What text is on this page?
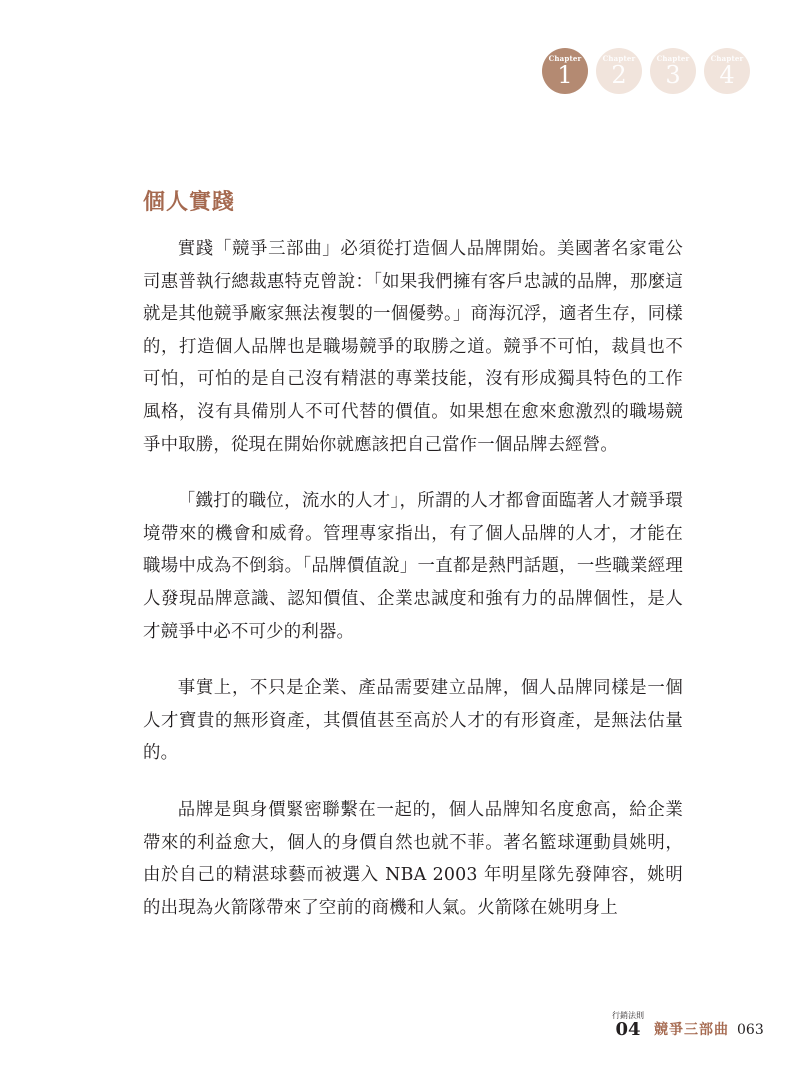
Chapter
1
Chapter
2
Chapter
3
Chapter
4
個人實踐

實踐「競爭三部曲」必須從打造個人品牌開始。美國著名家電公司惠普執行總裁惠特克曾說：「如果我們擁有客戶忠誠的品牌，那麼這就是其他競爭廠家無法複製的一個優勢。」商海沉浮，適者生存，同樣的，打造個人品牌也是職場競爭的取勝之道。競爭不可怕，裁員也不可怕，可怕的是自己沒有精湛的專業技能，沒有形成獨具特色的工作風格，沒有具備別人不可代替的價值。如果想在愈來愈激烈的職場競爭中取勝，從現在開始你就應該把自己當作一個品牌去經營。

「鐵打的職位，流水的人才」，所謂的人才都會面臨著人才競爭環境帶來的機會和威脅。管理專家指出，有了個人品牌的人才，才能在職場中成為不倒翁。「品牌價值說」一直都是熱門話題，一些職業經理人發現品牌意識、認知價值、企業忠誠度和強有力的品牌個性，是人才競爭中必不可少的利器。

事實上，不只是企業、產品需要建立品牌，個人品牌同樣是一個人才寶貴的無形資產，其價值甚至高於人才的有形資產，是無法估量的。

品牌是與身價緊密聯繫在一起的，個人品牌知名度愈高，給企業帶來的利益愈大，個人的身價自然也就不菲。著名籃球運動員姚明，由於自己的精湛球藝而被選入 NBA 2003 年明星隊先發陣容，姚明的出現為火箭隊帶來了空前的商機和人氣。火箭隊在姚明身上

行銷法則
04 競爭三部曲 063
